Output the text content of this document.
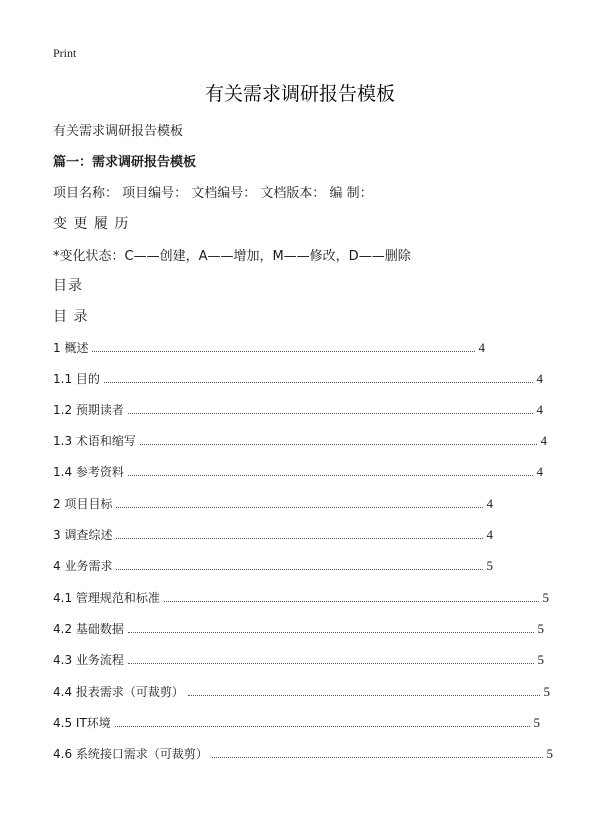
Print
有关需求调研报告模板
有关需求调研报告模板
篇一：需求调研报告模板
项目名称： 项目编号： 文档编号： 文档版本： 编 制：
变 更 履 历
*变化状态：C——创建，A——增加，M——修改，D——删除
目录
目 录
1 概述	4
1.1 目的	4
1.2 预期读者	4
1.3 术语和缩写	4
1.4 参考资料	4
2 项目目标	4
3 调查综述	4
4 业务需求	5
4.1 管理规范和标准	5
4.2 基础数据	5
4.3 业务流程	5
4.4 报表需求（可裁剪）	5
4.5 IT环境	5
4.6 系统接口需求（可裁剪）	5
